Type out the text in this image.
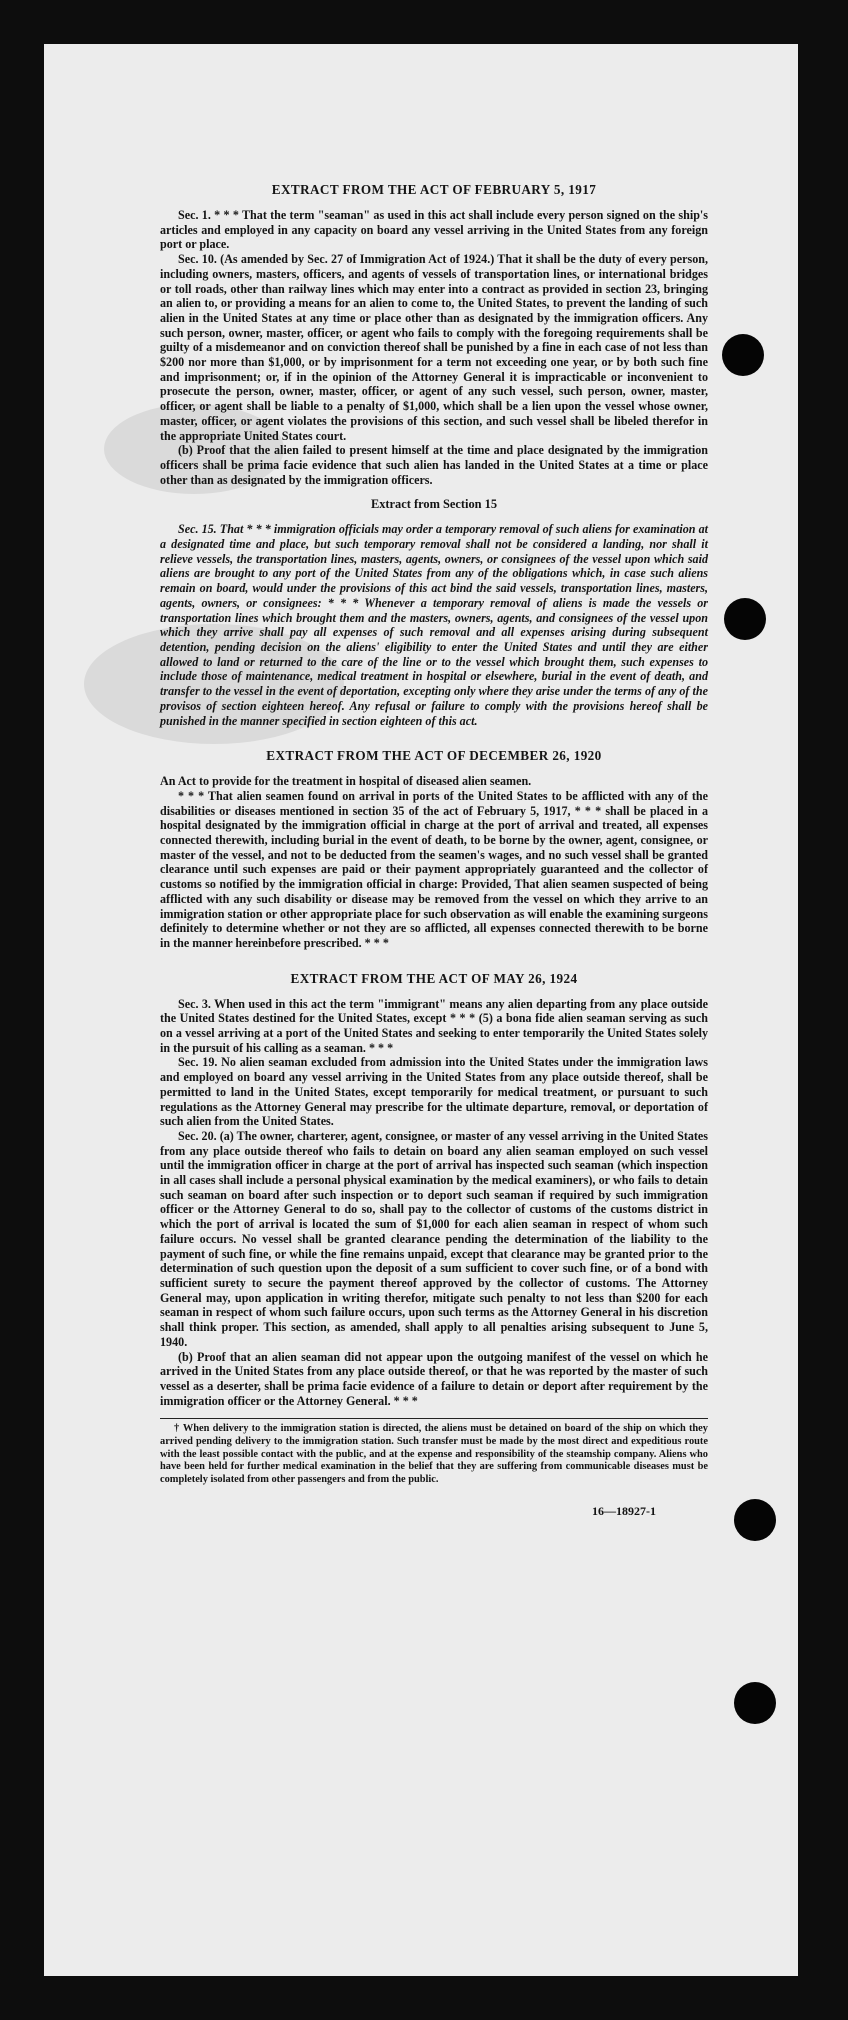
EXTRACT FROM THE ACT OF FEBRUARY 5, 1917

Sec. 1. * * * That the term "seaman" as used in this act shall include every person signed on the ship's articles and employed in any capacity on board any vessel arriving in the United States from any foreign port or place.

Sec. 10. (As amended by Sec. 27 of Immigration Act of 1924.) That it shall be the duty of every person, including owners, masters, officers, and agents of vessels of transportation lines, or international bridges or toll roads, other than railway lines which may enter into a contract as provided in section 23, bringing an alien to, or providing a means for an alien to come to, the United States, to prevent the landing of such alien in the United States at any time or place other than as designated by the immigration officers. Any such person, owner, master, officer, or agent who fails to comply with the foregoing requirements shall be guilty of a misdemeanor and on conviction thereof shall be punished by a fine in each case of not less than $200 nor more than $1,000, or by imprisonment for a term not exceeding one year, or by both such fine and imprisonment; or, if in the opinion of the Attorney General it is impracticable or inconvenient to prosecute the person, owner, master, officer, or agent of any such vessel, such person, owner, master, officer, or agent shall be liable to a penalty of $1,000, which shall be a lien upon the vessel whose owner, master, officer, or agent violates the provisions of this section, and such vessel shall be libeled therefor in the appropriate United States court.

(b) Proof that the alien failed to present himself at the time and place designated by the immigration officers shall be prima facie evidence that such alien has landed in the United States at a time or place other than as designated by the immigration officers.

Extract from Section 15

Sec. 15. That * * * immigration officials may order a temporary removal of such aliens for examination at a designated time and place, but such temporary removal shall not be considered a landing, nor shall it relieve vessels, the transportation lines, masters, agents, owners, or consignees of the vessel upon which said aliens are brought to any port of the United States from any of the obligations which, in case such aliens remain on board, would under the provisions of this act bind the said vessels, transportation lines, masters, agents, owners, or consignees: * * * Whenever a temporary removal of aliens is made the vessels or transportation lines which brought them and the masters, owners, agents, and consignees of the vessel upon which they arrive shall pay all expenses of such removal and all expenses arising during subsequent detention, pending decision on the aliens' eligibility to enter the United States and until they are either allowed to land or returned to the care of the line or to the vessel which brought them, such expenses to include those of maintenance, medical treatment in hospital or elsewhere, burial in the event of death, and transfer to the vessel in the event of deportation, excepting only where they arise under the terms of any of the provisos of section eighteen hereof. Any refusal or failure to comply with the provisions hereof shall be punished in the manner specified in section eighteen of this act.

EXTRACT FROM THE ACT OF DECEMBER 26, 1920

An Act to provide for the treatment in hospital of diseased alien seamen.

* * * That alien seamen found on arrival in ports of the United States to be afflicted with any of the disabilities or diseases mentioned in section 35 of the act of February 5, 1917, * * * shall be placed in a hospital designated by the immigration official in charge at the port of arrival and treated, all expenses connected therewith, including burial in the event of death, to be borne by the owner, agent, consignee, or master of the vessel, and not to be deducted from the seamen's wages, and no such vessel shall be granted clearance until such expenses are paid or their payment appropriately guaranteed and the collector of customs so notified by the immigration official in charge: Provided, That alien seamen suspected of being afflicted with any such disability or disease may be removed from the vessel on which they arrive to an immigration station or other appropriate place for such observation as will enable the examining surgeons definitely to determine whether or not they are so afflicted, all expenses connected therewith to be borne in the manner hereinbefore prescribed. * * *

EXTRACT FROM THE ACT OF MAY 26, 1924

Sec. 3. When used in this act the term "immigrant" means any alien departing from any place outside the United States destined for the United States, except * * * (5) a bona fide alien seaman serving as such on a vessel arriving at a port of the United States and seeking to enter temporarily the United States solely in the pursuit of his calling as a seaman. * * *

Sec. 19. No alien seaman excluded from admission into the United States under the immigration laws and employed on board any vessel arriving in the United States from any place outside thereof, shall be permitted to land in the United States, except temporarily for medical treatment, or pursuant to such regulations as the Attorney General may prescribe for the ultimate departure, removal, or deportation of such alien from the United States.

Sec. 20. (a) The owner, charterer, agent, consignee, or master of any vessel arriving in the United States from any place outside thereof who fails to detain on board any alien seaman employed on such vessel until the immigration officer in charge at the port of arrival has inspected such seaman (which inspection in all cases shall include a personal physical examination by the medical examiners), or who fails to detain such seaman on board after such inspection or to deport such seaman if required by such immigration officer or the Attorney General to do so, shall pay to the collector of customs of the customs district in which the port of arrival is located the sum of $1,000 for each alien seaman in respect of whom such failure occurs. No vessel shall be granted clearance pending the determination of the liability to the payment of such fine, or while the fine remains unpaid, except that clearance may be granted prior to the determination of such question upon the deposit of a sum sufficient to cover such fine, or of a bond with sufficient surety to secure the payment thereof approved by the collector of customs. The Attorney General may, upon application in writing therefor, mitigate such penalty to not less than $200 for each seaman in respect of whom such failure occurs, upon such terms as the Attorney General in his discretion shall think proper. This section, as amended, shall apply to all penalties arising subsequent to June 5, 1940.

(b) Proof that an alien seaman did not appear upon the outgoing manifest of the vessel on which he arrived in the United States from any place outside thereof, or that he was reported by the master of such vessel as a deserter, shall be prima facie evidence of a failure to detain or deport after requirement by the immigration officer or the Attorney General. * * *

† When delivery to the immigration station is directed, the aliens must be detained on board of the ship on which they arrived pending delivery to the immigration station. Such transfer must be made by the most direct and expeditious route with the least possible contact with the public, and at the expense and responsibility of the steamship company. Aliens who have been held for further medical examination in the belief that they are suffering from communicable diseases must be completely isolated from other passengers and from the public.

16—18927-1
